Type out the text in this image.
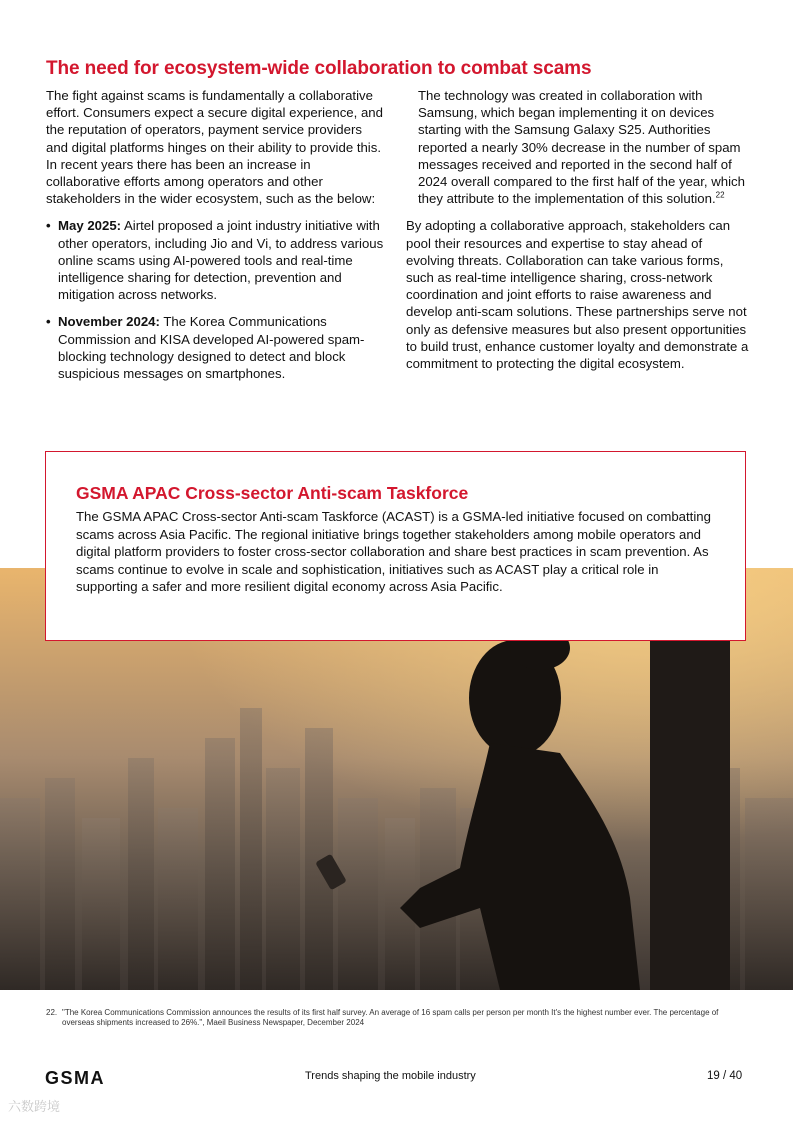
The need for ecosystem-wide collaboration to combat scams

The fight against scams is fundamentally a collaborative effort. Consumers expect a secure digital experience, and the reputation of operators, payment service providers and digital platforms hinges on their ability to provide this. In recent years there has been an increase in collaborative efforts among operators and other stakeholders in the wider ecosystem, such as the below:

• May 2025: Airtel proposed a joint industry initiative with other operators, including Jio and Vi, to address various online scams using AI-powered tools and real-time intelligence sharing for detection, prevention and mitigation across networks.
• November 2024: The Korea Communications Commission and KISA developed AI-powered spam-blocking technology designed to detect and block suspicious messages on smartphones.

The technology was created in collaboration with Samsung, which began implementing it on devices starting with the Samsung Galaxy S25. Authorities reported a nearly 30% decrease in the number of spam messages received and reported in the second half of 2024 overall compared to the first half of the year, which they attribute to the implementation of this solution.$^{22}$

By adopting a collaborative approach, stakeholders can pool their resources and expertise to stay ahead of evolving threats. Collaboration can take various forms, such as real-time intelligence sharing, cross-network coordination and joint efforts to raise awareness and develop anti-scam solutions. These partnerships serve not only as defensive measures but also present opportunities to build trust, enhance customer loyalty and demonstrate a commitment to protecting the digital ecosystem.

GSMA APAC Cross-sector Anti-scam Taskforce

The GSMA APAC Cross-sector Anti-scam Taskforce (ACAST) is a GSMA-led initiative focused on combatting scams across Asia Pacific. The regional initiative brings together stakeholders among mobile operators and digital platform providers to foster cross-sector collaboration and share best practices in scam prevention. As scams continue to evolve in scale and sophistication, initiatives such as ACAST play a critical role in supporting a safer and more resilient digital economy across Asia Pacific.

22. "The Korea Communications Commission announces the results of its first half survey. An average of 16 spam calls per person per month It's the highest number ever. The percentage of overseas shipments increased to 26%.", Maeil Business Newspaper, December 2024
GSMA	Trends shaping the mobile industry	19 / 40
六数跨境
